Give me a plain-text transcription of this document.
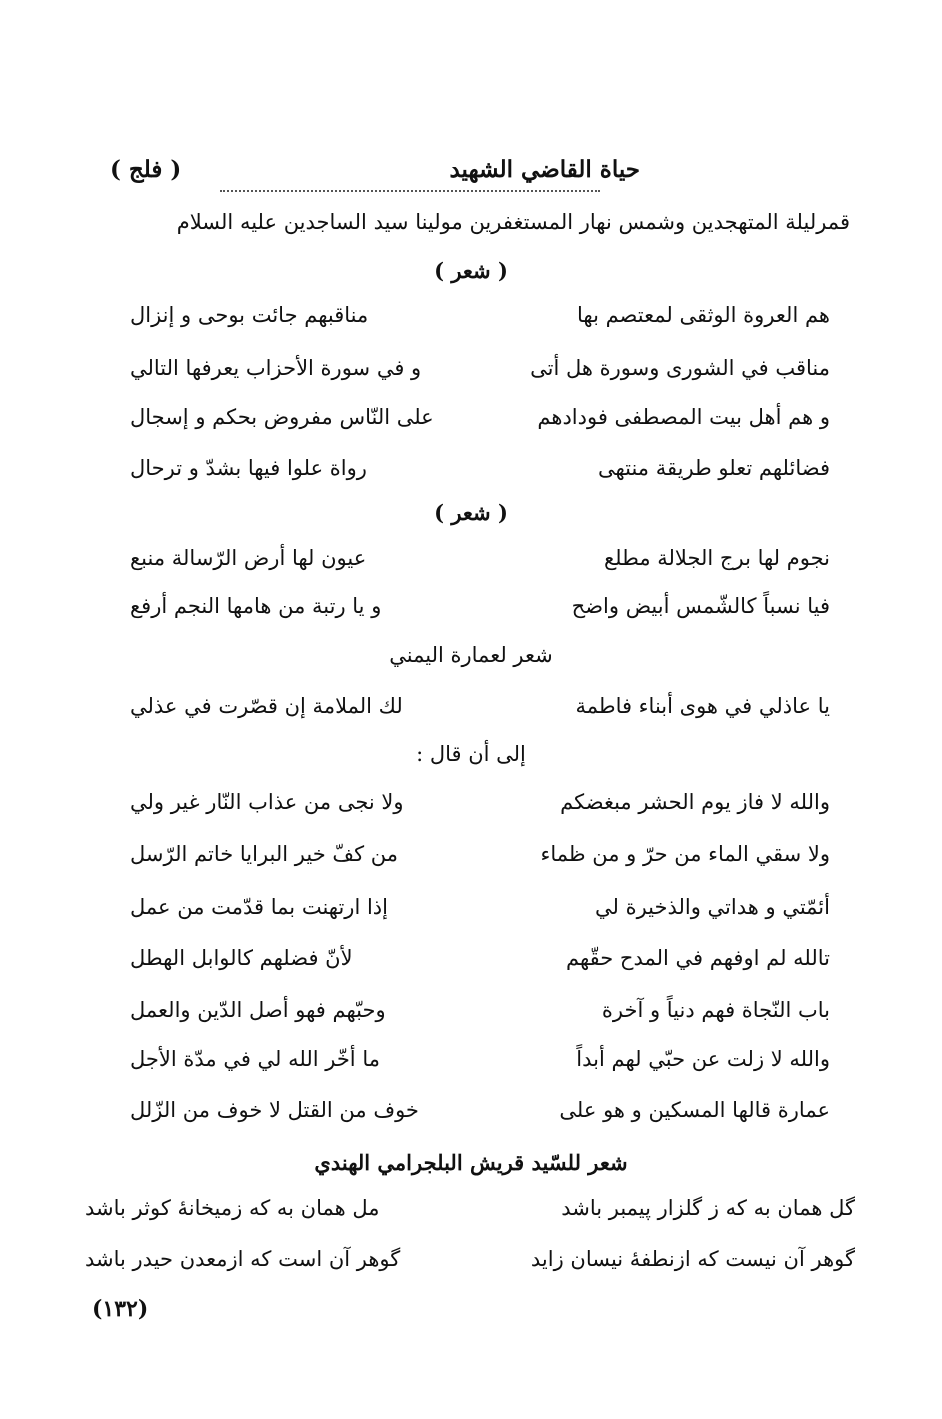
حياة القاضي الشهيد
( فلج )
قمرليلة المتهجدين وشمس نهار المستغفرين مولينا سيد الساجدين عليه السلام
( شعر )
هم العروة الوثقى لمعتصم بها
مناقبهم جائت بوحى و إنزال
مناقب في الشورى وسورة هل أتى
و في سورة الأحزاب يعرفها التالي
و هم أهل بيت المصطفى فودادهم
على النّاس مفروض بحكم و إسجال
فضائلهم تعلو طريقة منتهى
رواة علوا فيها بشدّ و ترحال
( شعر )
نجوم لها برج الجلالة مطلع
عيون لها أرض الرّسالة منبع
فيا نسباً كالشّمس أبيض واضح
و يا رتبة من هامها النجم أرفع
شعر لعمارة اليمني
يا عاذلي في هوى أبناء فاطمة
لك الملامة إن قصّرت في عذلي
إلى أن قال :
والله لا فاز يوم الحشر مبغضكم
ولا نجى من عذاب النّار غير ولي
ولا سقي الماء من حرّ و من ظماء
من كفّ خير البرايا خاتم الرّسل
أئمّتي و هداتي والذخيرة لي
إذا ارتهنت بما قدّمت من عمل
تالله لم اوفهم في المدح حقّهم
لأنّ فضلهم كالوابل الهطل
باب النّجاة فهم دنياً و آخرة
وحبّهم فهو أصل الدّين والعمل
والله لا زلت عن حبّي لهم أبداً
ما أخّر الله لي في مدّة الأجل
عمارة قالها المسكين و هو على
خوف من القتل لا خوف من الزّلل
شعر للسّيد قريش البلجرامي الهندي
گل همان به كه ز گلزار پيمبر باشد
مل همان به كه زميخانهٔ كوثر باشد
گوهر آن نيست كه ازنطفهٔ نيسان زايد
گوهر آن است كه ازمعدن حيدر باشد
(١٣٢)
